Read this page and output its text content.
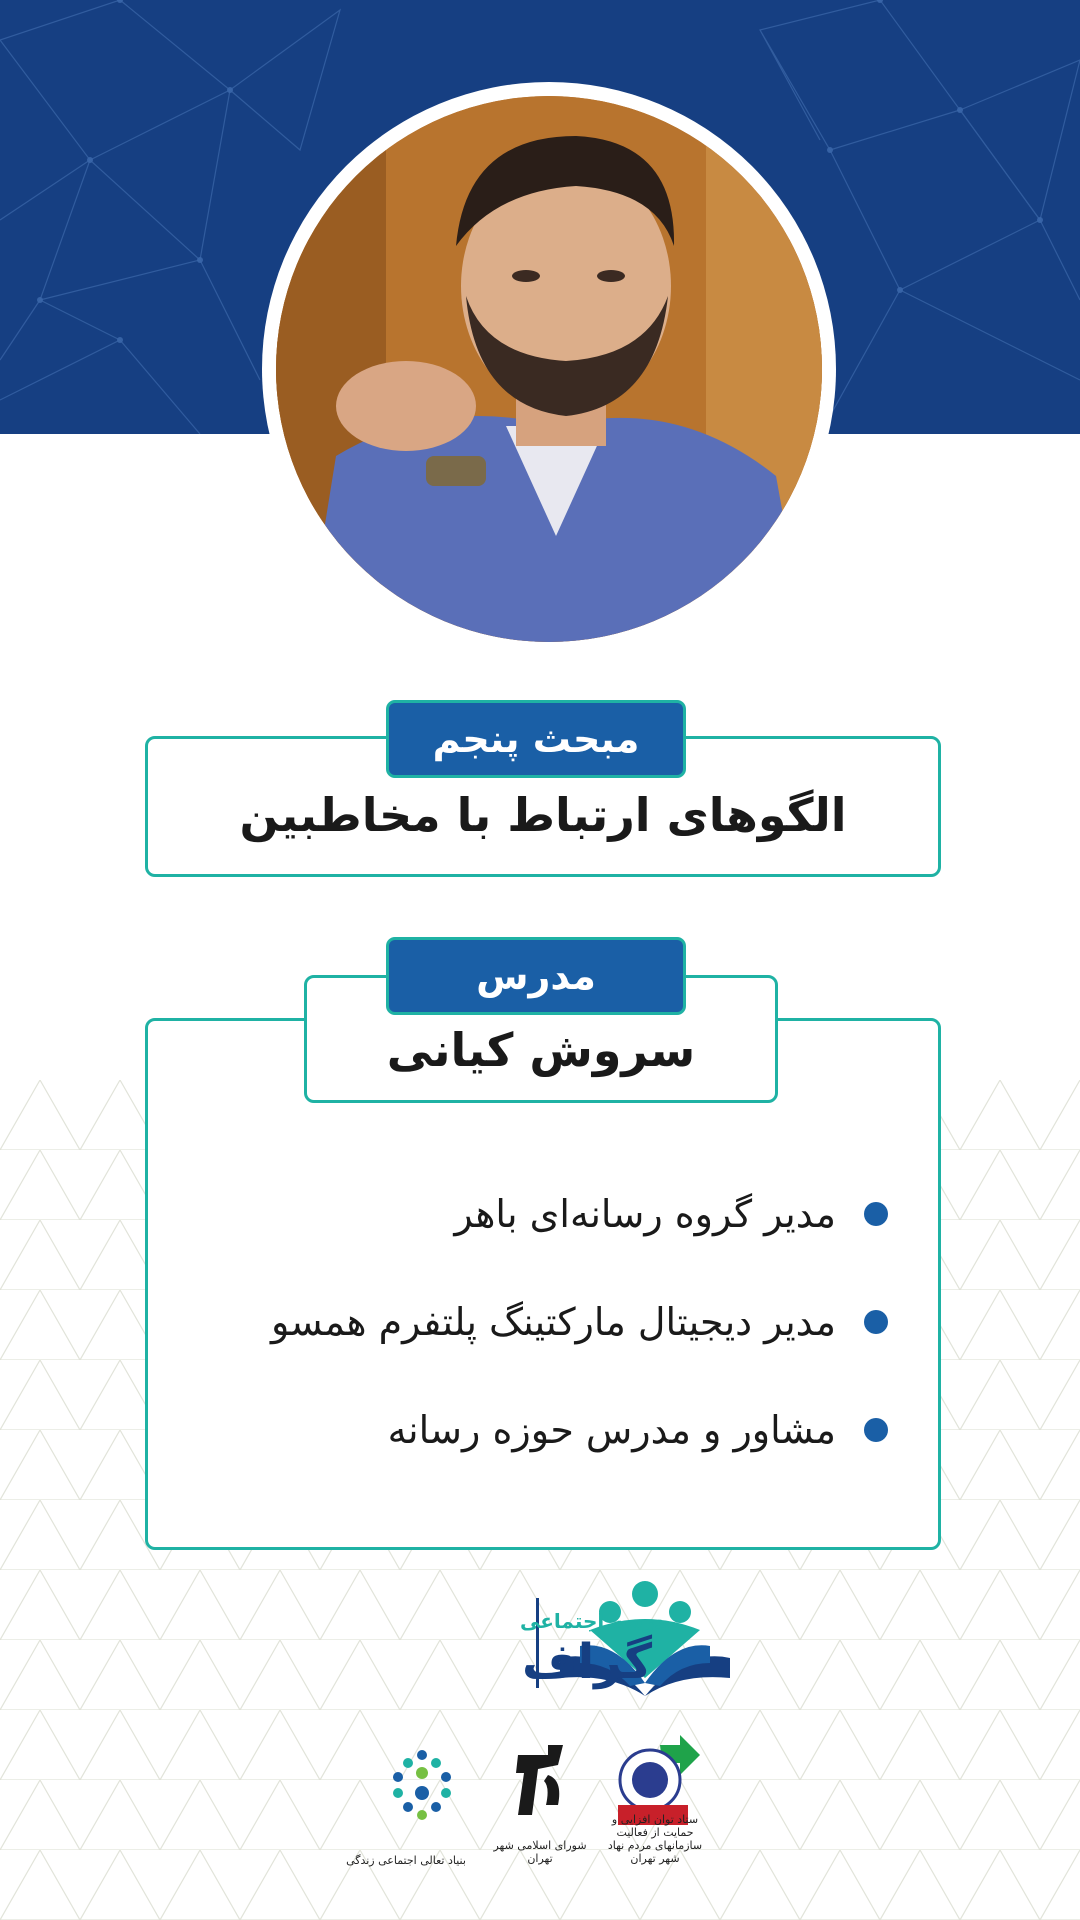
مبحث پنجم
الگوهای ارتباط با مخاطبین
مدرس
سروش کیانی
مدیر گروه رسانه‌ای باهر
مدیر دیجیتال مارکتینگ پلتفرم همسو
مشاور و مدرس حوزه رسانه
مدرسه اجتماعی
گراف
ستاد توان افزایی و حمایت از فعالیت سازمانهای مردم نهاد شهر تهران
شورای اسلامی شهر تهران
بنیاد تعالی اجتماعی زندگی
